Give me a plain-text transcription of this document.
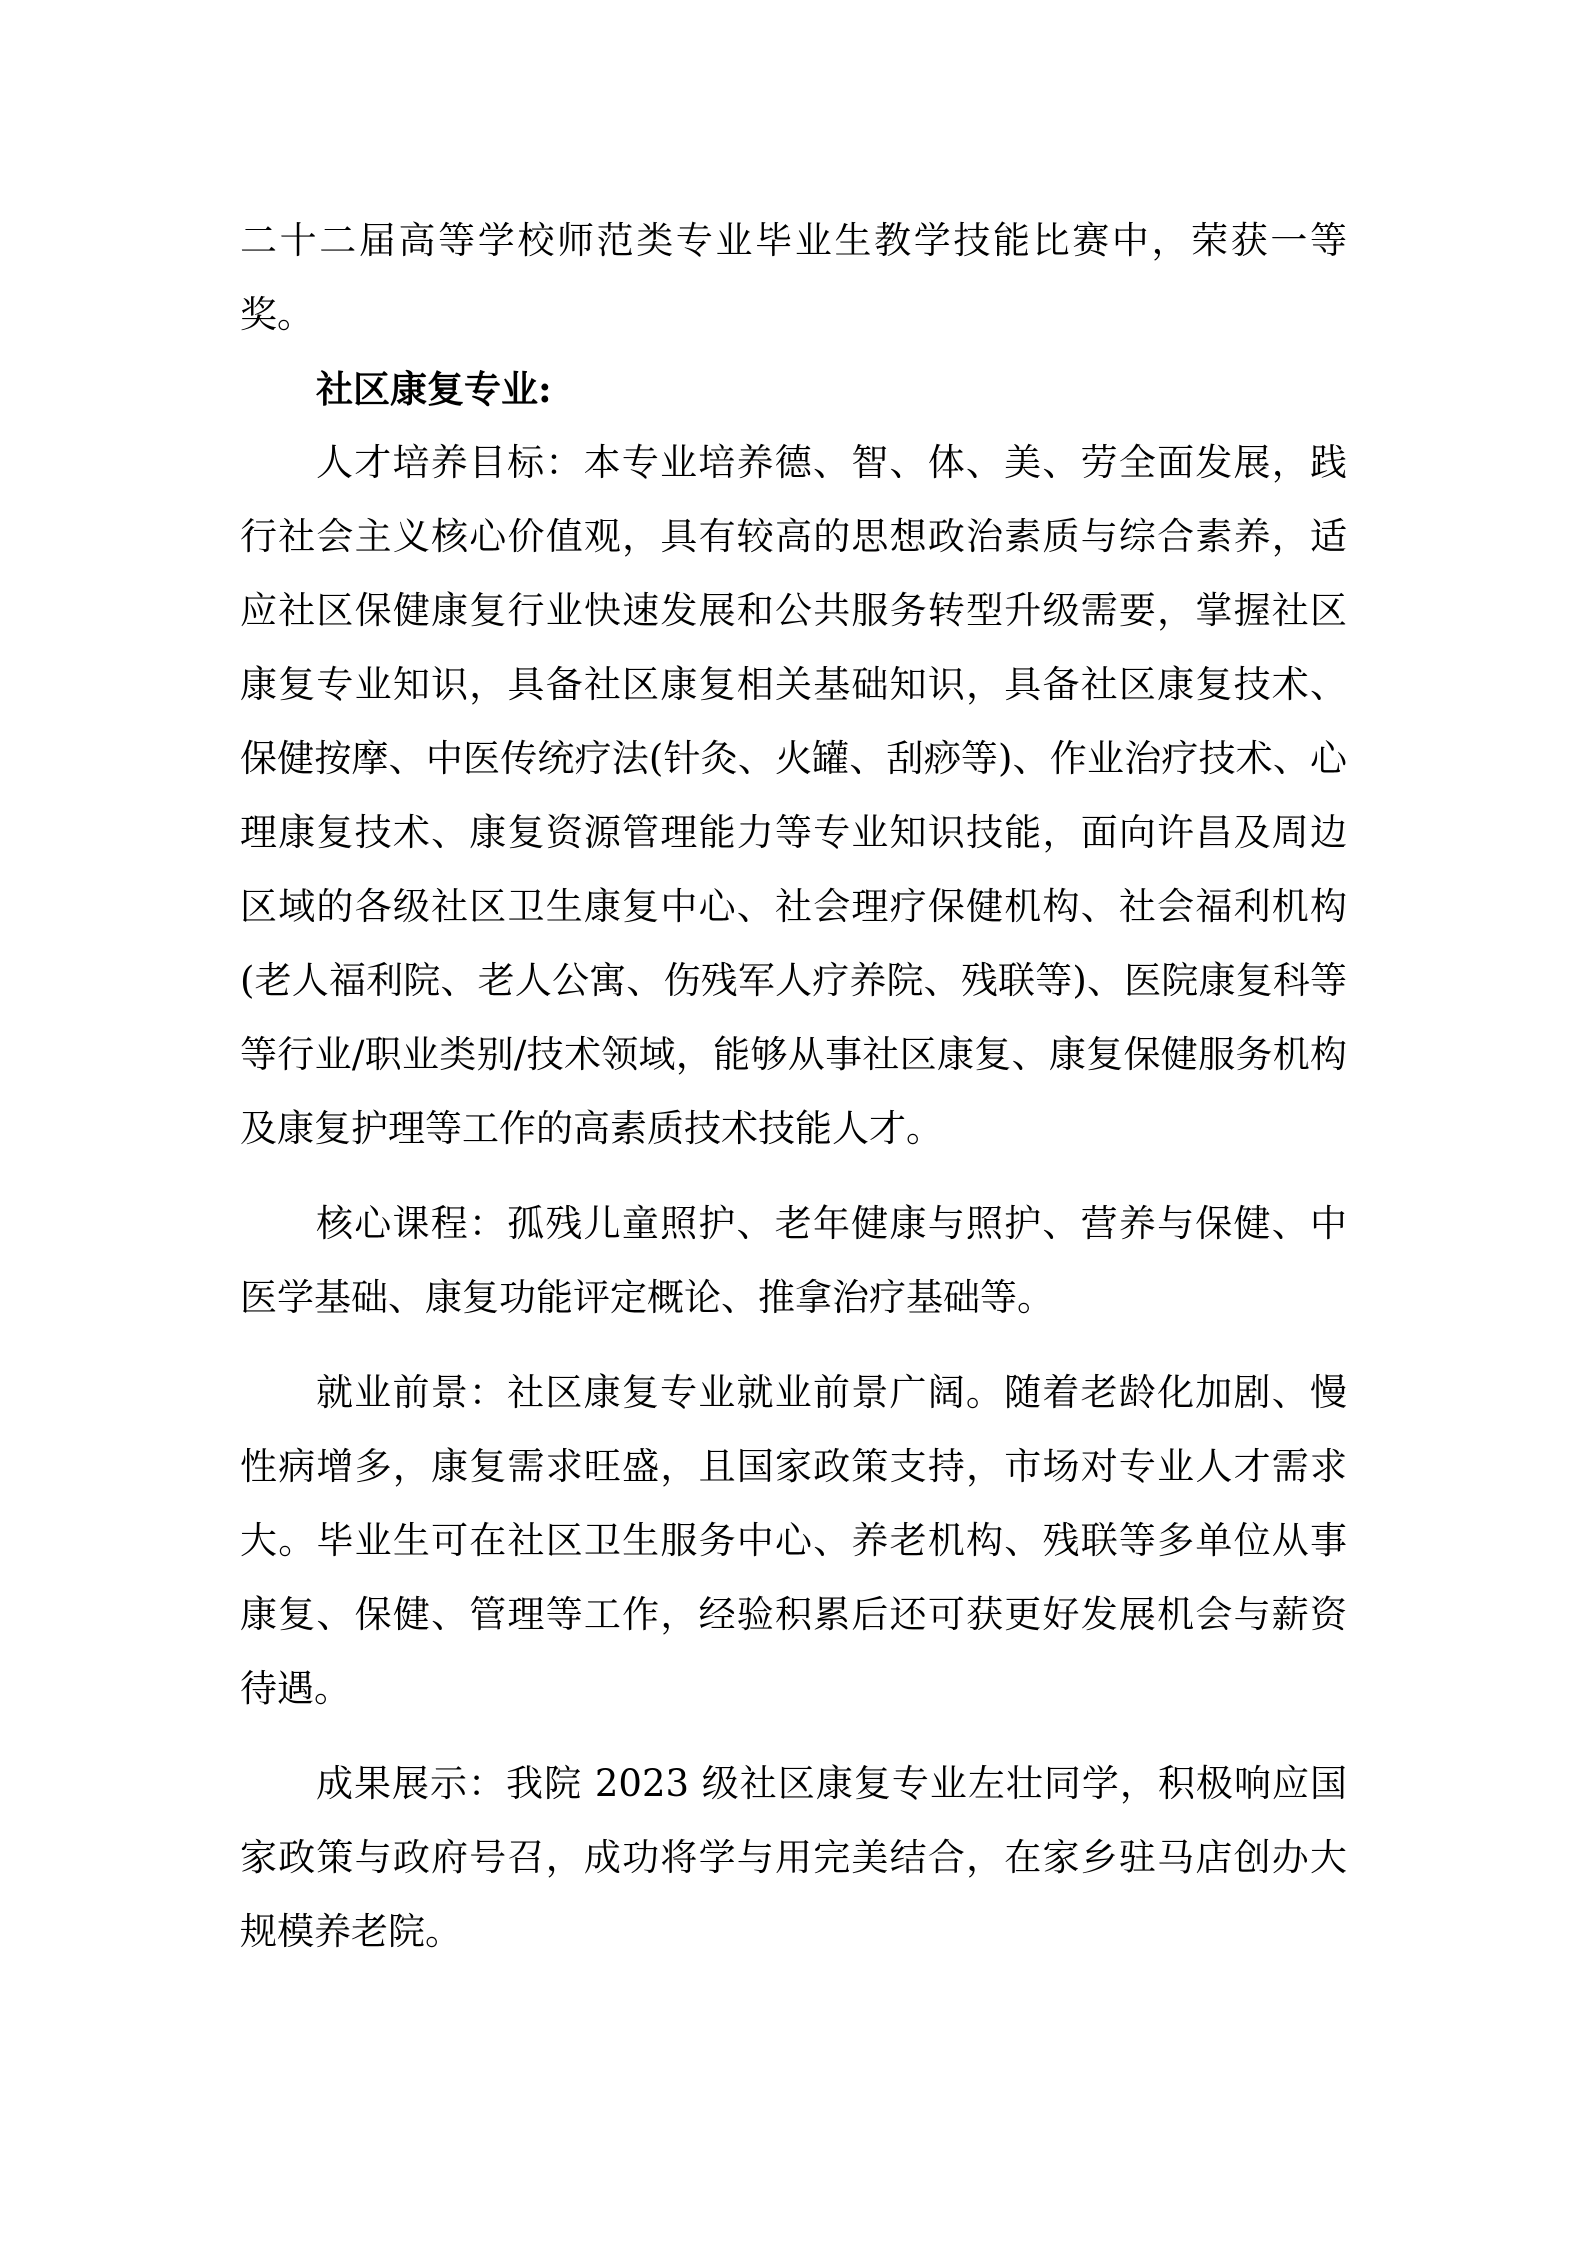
二十二届高等学校师范类专业毕业生教学技能比赛中，荣获一等奖。

社区康复专业:

人才培养目标：本专业培养德、智、体、美、劳全面发展，践行社会主义核心价值观，具有较高的思想政治素质与综合素养，适应社区保健康复行业快速发展和公共服务转型升级需要，掌握社区康复专业知识，具备社区康复相关基础知识，具备社区康复技术、保健按摩、中医传统疗法(针灸、火罐、刮痧等)、作业治疗技术、心理康复技术、康复资源管理能力等专业知识技能，面向许昌及周边区域的各级社区卫生康复中心、社会理疗保健机构、社会福利机构(老人福利院、老人公寓、伤残军人疗养院、残联等)、医院康复科等等行业/职业类别/技术领域，能够从事社区康复、康复保健服务机构及康复护理等工作的高素质技术技能人才。

核心课程：孤残儿童照护、老年健康与照护、营养与保健、中医学基础、康复功能评定概论、推拿治疗基础等。

就业前景：社区康复专业就业前景广阔。随着老龄化加剧、慢性病增多，康复需求旺盛，且国家政策支持，市场对专业人才需求大。毕业生可在社区卫生服务中心、养老机构、残联等多单位从事康复、保健、管理等工作，经验积累后还可获更好发展机会与薪资待遇。

成果展示：我院 2023 级社区康复专业左壮同学，积极响应国家政策与政府号召，成功将学与用完美结合，在家乡驻马店创办大规模养老院。
